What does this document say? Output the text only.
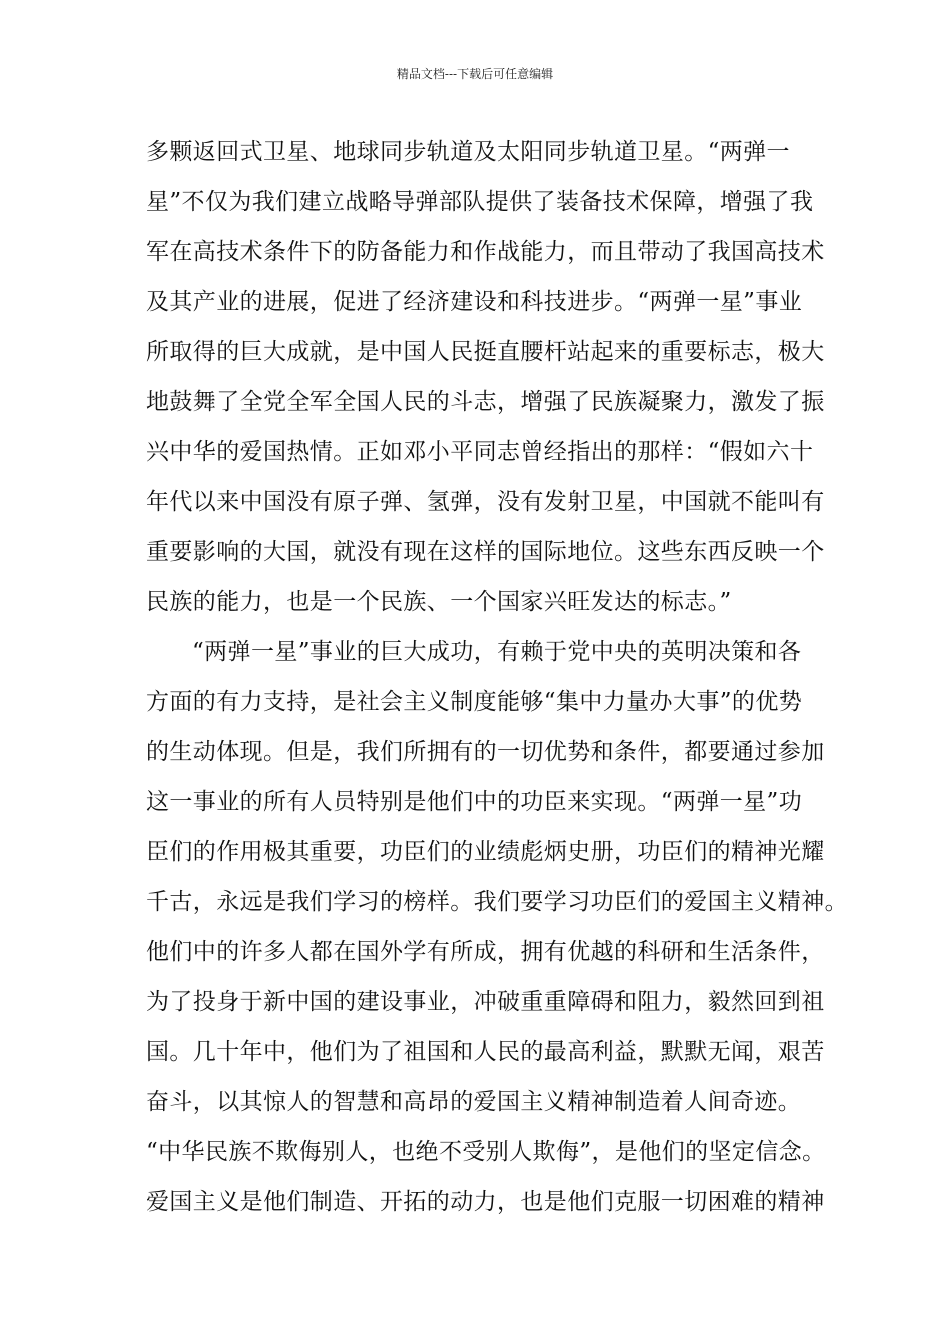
精品文档---下载后可任意编辑
多颗返回式卫星、地球同步轨道及太阳同步轨道卫星。“两弹一
星”不仅为我们建立战略导弹部队提供了装备技术保障，增强了我
军在高技术条件下的防备能力和作战能力，而且带动了我国高技术
及其产业的进展，促进了经济建设和科技进步。“两弹一星”事业
所取得的巨大成就，是中国人民挺直腰杆站起来的重要标志，极大
地鼓舞了全党全军全国人民的斗志，增强了民族凝聚力，激发了振
兴中华的爱国热情。正如邓小平同志曾经指出的那样：“假如六十
年代以来中国没有原子弹、氢弹，没有发射卫星，中国就不能叫有
重要影响的大国，就没有现在这样的国际地位。这些东西反映一个
民族的能力，也是一个民族、一个国家兴旺发达的标志。”
“两弹一星”事业的巨大成功，有赖于党中央的英明决策和各
方面的有力支持，是社会主义制度能够“集中力量办大事”的优势
的生动体现。但是，我们所拥有的一切优势和条件，都要通过参加
这一事业的所有人员特别是他们中的功臣来实现。“两弹一星”功
臣们的作用极其重要，功臣们的业绩彪炳史册，功臣们的精神光耀
千古，永远是我们学习的榜样。我们要学习功臣们的爱国主义精神。
他们中的许多人都在国外学有所成，拥有优越的科研和生活条件，
为了投身于新中国的建设事业，冲破重重障碍和阻力，毅然回到祖
国。几十年中，他们为了祖国和人民的最高利益，默默无闻，艰苦
奋斗，以其惊人的智慧和高昂的爱国主义精神制造着人间奇迹。
“中华民族不欺侮别人，也绝不受别人欺侮”，是他们的坚定信念。
爱国主义是他们制造、开拓的动力，也是他们克服一切困难的精神
